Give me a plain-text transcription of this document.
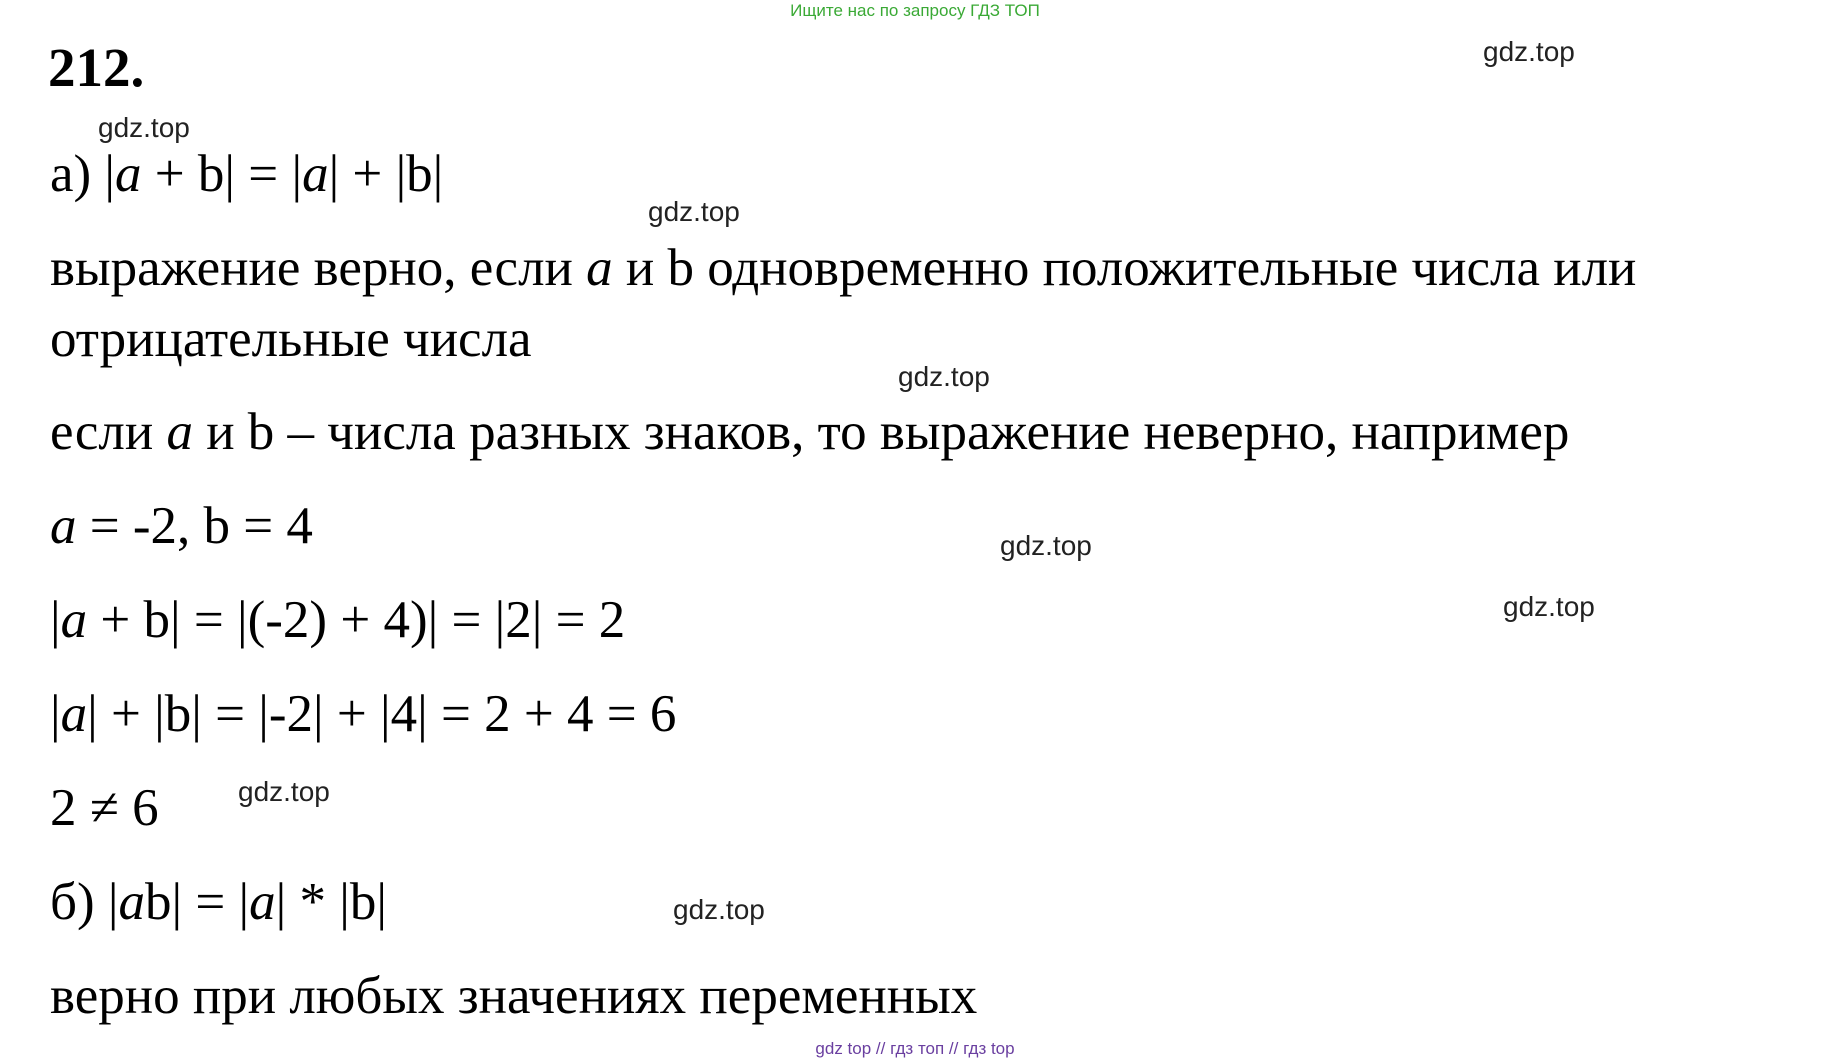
Ищите нас по запросу ГДЗ ТОП
212.
а) |a + b| = |a| + |b|
выражение верно, если a и b одновременно положительные числа или
отрицательные числа
если a и b – числа разных знаков, то выражение неверно, например
a = -2, b = 4
|a + b| = |(-2) + 4)| = |2| = 2
|a| + |b| = |-2| + |4| = 2 + 4 = 6
2 ≠ 6
б) |ab| = |a| * |b|
верно при любых значениях переменных
gdz.top
gdz.top
gdz.top
gdz.top
gdz.top
gdz.top
gdz.top
gdz.top
gdz top // гдз топ // гдз top
